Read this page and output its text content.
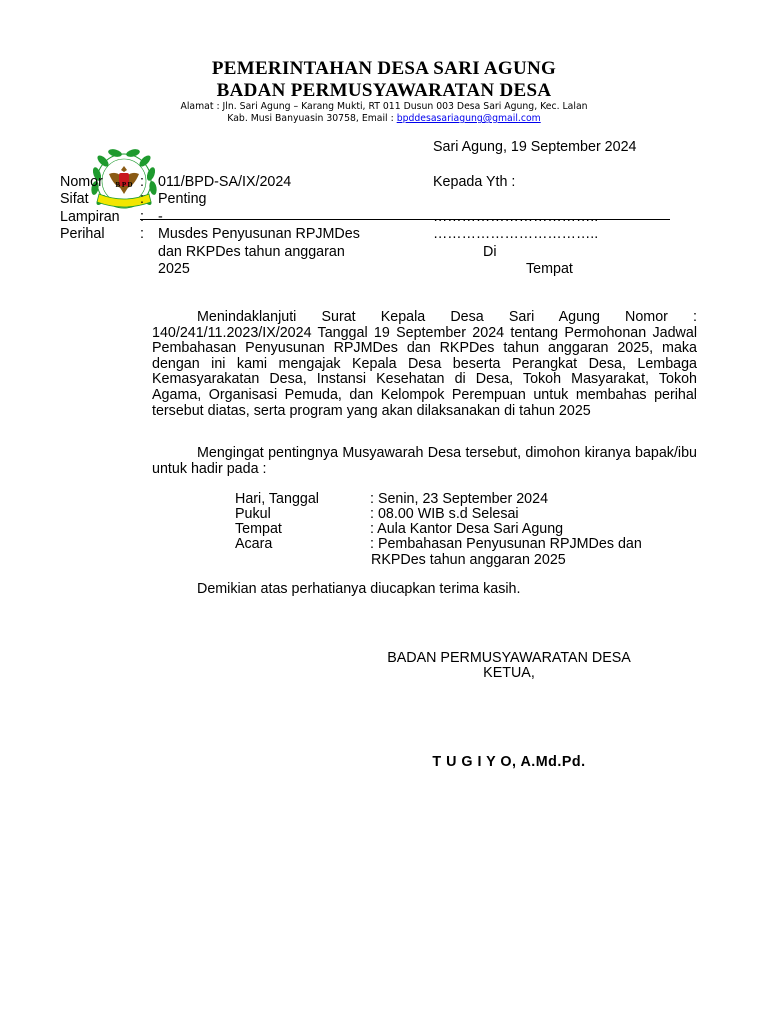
PEMERINTAHAN DESA SARI AGUNG
BADAN PERMUSYAWARATAN DESA
Alamat : Jln. Sari Agung – Karang Mukti, RT 011 Dusun 003 Desa Sari Agung, Kec. Lalan
Kab. Musi Banyuasin 30758, Email : bpddesasariagung@gmail.com
B P D
Sari Agung, 19 September 2024
Nomor	: 011/BPD-SA/IX/2024
Sifat	: Penting
Lampiran : -
Perihal : Musdes Penyusunan RPJMDes
dan RKPDes tahun anggaran
2025
Kepada Yth :
……………………………..
……………………………..
Di
Tempat
Menindaklanjuti Surat Kepala Desa Sari Agung Nomor : 140/241/11.2023/IX/2024 Tanggal 19 September 2024 tentang Permohonan Jadwal Pembahasan Penyusunan RPJMDes dan RKPDes tahun anggaran 2025, maka dengan ini kami mengajak Kepala Desa beserta Perangkat Desa, Lembaga Kemasyarakatan Desa, Instansi Kesehatan di Desa, Tokoh Masyarakat, Tokoh Agama, Organisasi Pemuda, dan Kelompok Perempuan untuk membahas perihal tersebut diatas, serta program yang akan dilaksanakan di tahun 2025
Mengingat pentingnya Musyawarah Desa tersebut, dimohon kiranya bapak/ibu untuk hadir pada :
Hari, Tanggal	: Senin, 23 September 2024
Pukul	: 08.00 WIB s.d Selesai
Tempat	: Aula Kantor Desa Sari Agung
Acara	: Pembahasan Penyusunan RPJMDes dan
RKPDes tahun anggaran 2025
Demikian atas perhatianya diucapkan terima kasih.
BADAN PERMUSYAWARATAN DESA
KETUA,
T U G I Y O, A.Md.Pd.
